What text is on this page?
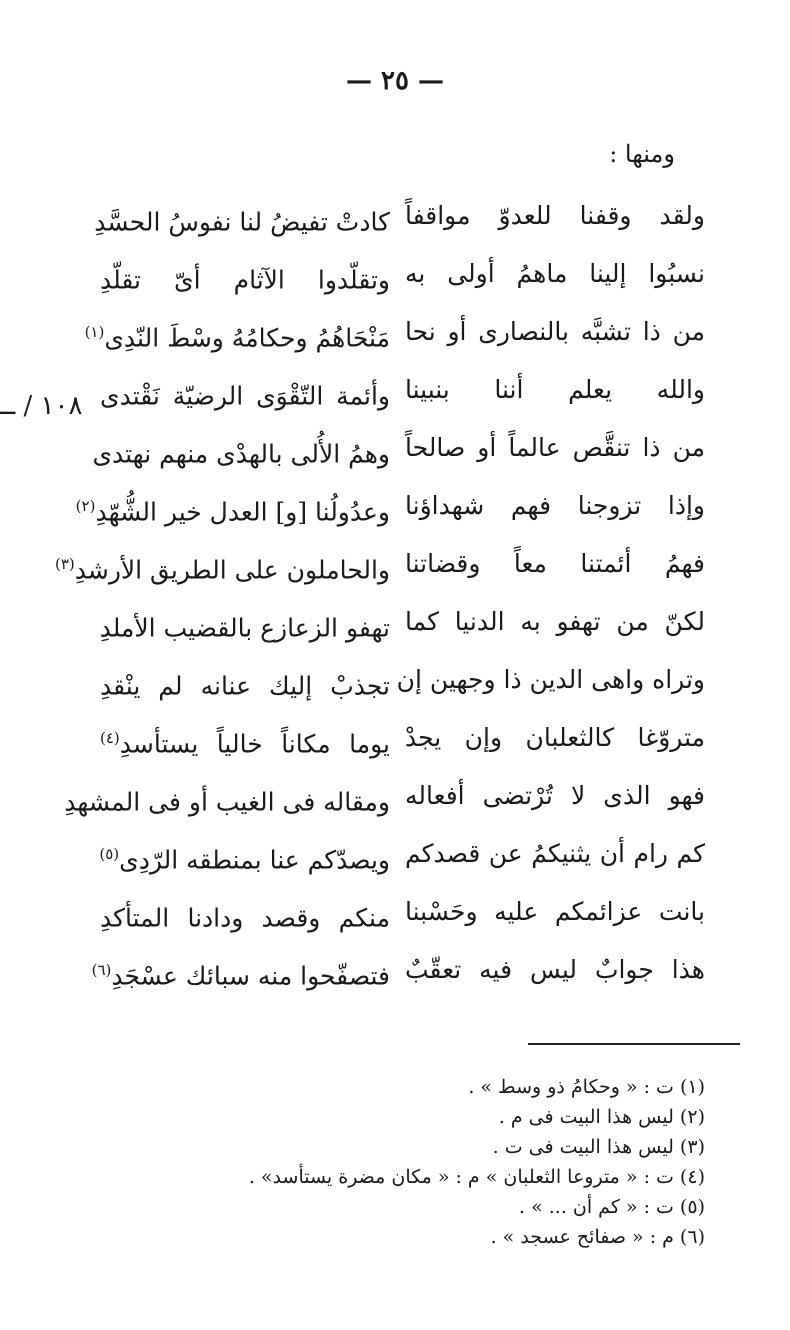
— ٢٥ —
ومنها :
١٠٨ / ــ
ولقد وقفنا للعدوّ مواقفاً
كادتْ تفيضُ لنا نفوسُ الحسَّدِ
نسبُوا إلينا ماهمُ أولى به
وتقلّدوا الآثام أىّ تقلّدِ
من ذا تشبَّه بالنصارى أو نحا
مَنْحَاهُمُ وحكامُهُ وسْطَ النّدِى$^{(١)}$
والله يعلم أننا بنبينا
وأئمة التّقْوَى الرضيّة نَقْتدى
من ذا تنقَّص عالماً أو صالحاً
وهمُ الأُلى بالهدْى منهم نهتدى
وإذا تزوجنا فهم شهداؤنا
وعدُولُنا [و] العدل خير الشُّهّدِ$^{(٢)}$
فهمُ أئمتنا معاً وقضاتنا
والحاملون على الطريق الأرشدِ$^{(٣)}$
لكنّ من تهفو به الدنيا كما
تهفو الزعازع بالقضيب الأملدِ
وتراه واهى الدين ذا وجهين إن
تجذبْ إليك عنانه لم ينْقدِ
متروّغا كالثعلبان وإن يجدْ
يوما مكاناً خالياً يستأسدِ$^{(٤)}$
فهو الذى لا تُرْتضى أفعاله
ومقاله فى الغيب أو فى المشهدِ
كم رام أن يثنيكمُ عن قصدكم
ويصدّكم عنا بمنطقه الرّدِى$^{(٥)}$
بانت عزائمكم عليه وحَسْبنا
منكم وقصد ودادنا المتأكدِ
هذا جوابٌ ليس فيه تعقّبٌ
فتصفّحوا منه سبائك عسْجَدِ$^{(٦)}$
(١) ت : « وحكامُ ذو وسط » .
(٢) ليس هذا البيت فى م .
(٣) ليس هذا البيت فى ت .
(٤) ت : « متروعا الثعلبان » م : « مكان مضرة يستأسد» .
(٥) ت : « كم أن ... » .
(٦) م : « صفائح عسجد » .
